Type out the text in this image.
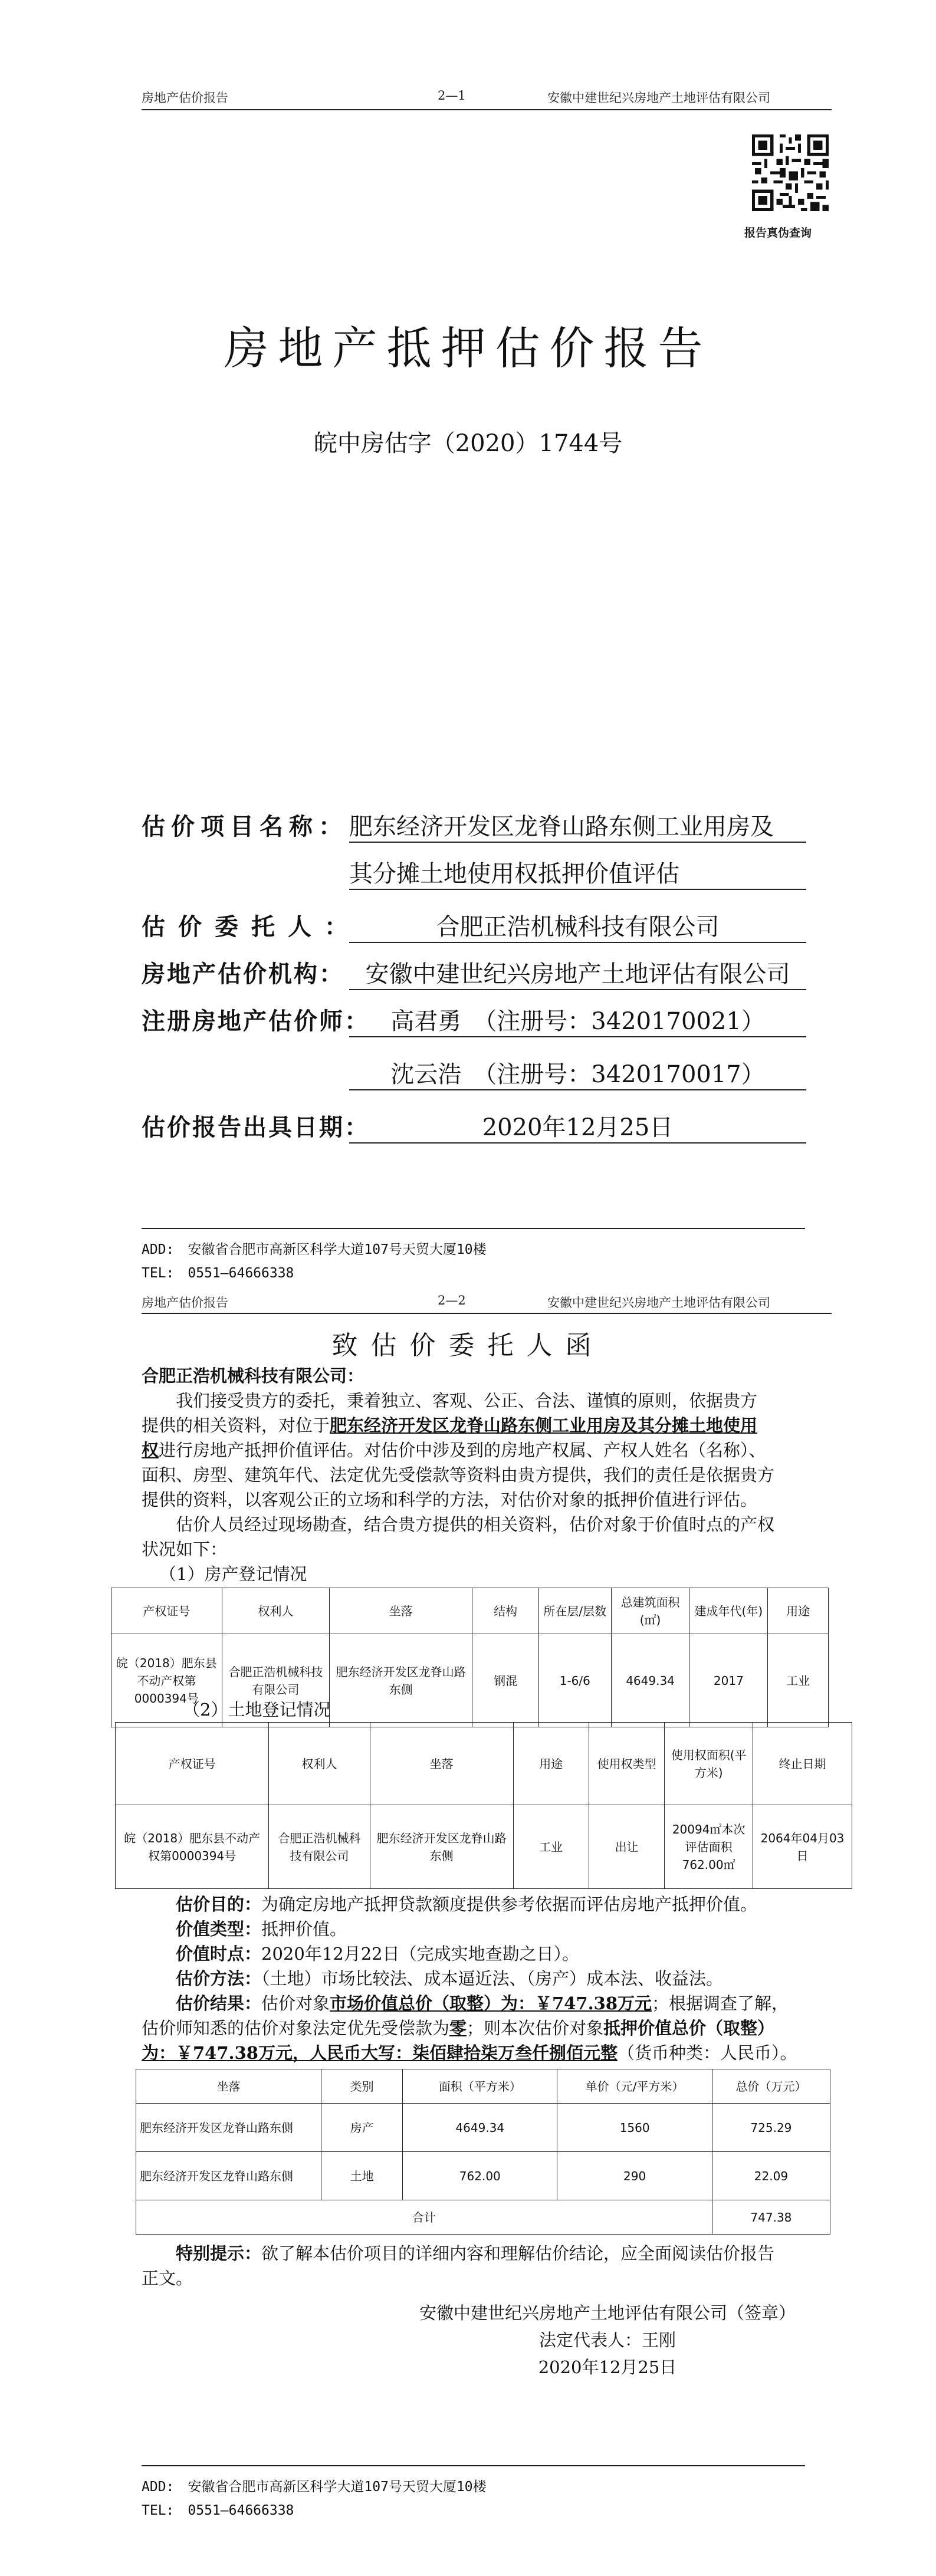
房地产估价报告	2—1	安徽中建世纪兴房地产土地评估有限公司
报告真伪查询
房地产抵押估价报告
皖中房估字（2020）1744号
估价项目名称： 肥东经济开发区龙脊山路东侧工业用房及
其分摊土地使用权抵押价值评估
估价委托人：	合肥正浩机械科技有限公司
房地产估价机构： 安徽中建世纪兴房地产土地评估有限公司
注册房地产估价师： 高君勇　（注册号：3420170021）
沈云浩　（注册号：3420170017）
估价报告出具日期：	2020年12月25日
ADD:　安徽省合肥市高新区科学大道107号天贸大厦10楼
TEL:　0551—64666338
房地产估价报告	2—2	安徽中建世纪兴房地产土地评估有限公司
致估价委托人函
合肥正浩机械科技有限公司：
我们接受贵方的委托，秉着独立、客观、公正、合法、谨慎的原则，依据贵方
提供的相关资料，对位于肥东经济开发区龙脊山路东侧工业用房及其分摊土地使用
权进行房地产抵押价值评估。对估价中涉及到的房地产权属、产权人姓名（名称）、
面积、房型、建筑年代、法定优先受偿款等资料由贵方提供，我们的责任是依据贵方
提供的资料，以客观公正的立场和科学的方法，对估价对象的抵押价值进行评估。
估价人员经过现场勘查，结合贵方提供的相关资料，估价对象于价值时点的产权
状况如下：
（1）房产登记情况
产权证号	权利人	坐落	结构	所在层/层数	总建筑面积(㎡)	建成年代(年)	用途
皖（2018）肥东县不动产权第0000394号	合肥正浩机械科技有限公司	肥东经济开发区龙脊山路东侧	钢混	1-6/6	4649.34	2017	工业
（2）土地登记情况
产权证号	权利人	坐落	用途	使用权类型	使用权面积(平方米)	终止日期
皖（2018）肥东县不动产权第0000394号	合肥正浩机械科技有限公司	肥东经济开发区龙脊山路东侧	工业	出让	20094㎡本次评估面积762.00㎡	2064年04月03日
估价目的：为确定房地产抵押贷款额度提供参考依据而评估房地产抵押价值。
价值类型：抵押价值。
价值时点：2020年12月22日（完成实地查勘之日）。
估价方法：（土地）市场比较法、成本逼近法、（房产）成本法、收益法。
估价结果：估价对象市场价值总价（取整）为：￥747.38万元；根据调查了解，
估价师知悉的估价对象法定优先受偿款为零；则本次估价对象抵押价值总价（取整）
为：￥747.38万元，人民币大写：柒佰肆拾柒万叁仟捌佰元整（货币种类：人民币）。
坐落	类别	面积（平方米）	单价（元/平方米）	总价（万元）
肥东经济开发区龙脊山路东侧	房产	4649.34	1560	725.29
肥东经济开发区龙脊山路东侧	土地	762.00	290	22.09
合计				747.38
特别提示：欲了解本估价项目的详细内容和理解估价结论，应全面阅读估价报告
正文。
安徽中建世纪兴房地产土地评估有限公司（签章）
法定代表人：王刚
2020年12月25日
ADD:　安徽省合肥市高新区科学大道107号天贸大厦10楼
TEL:　0551—64666338
